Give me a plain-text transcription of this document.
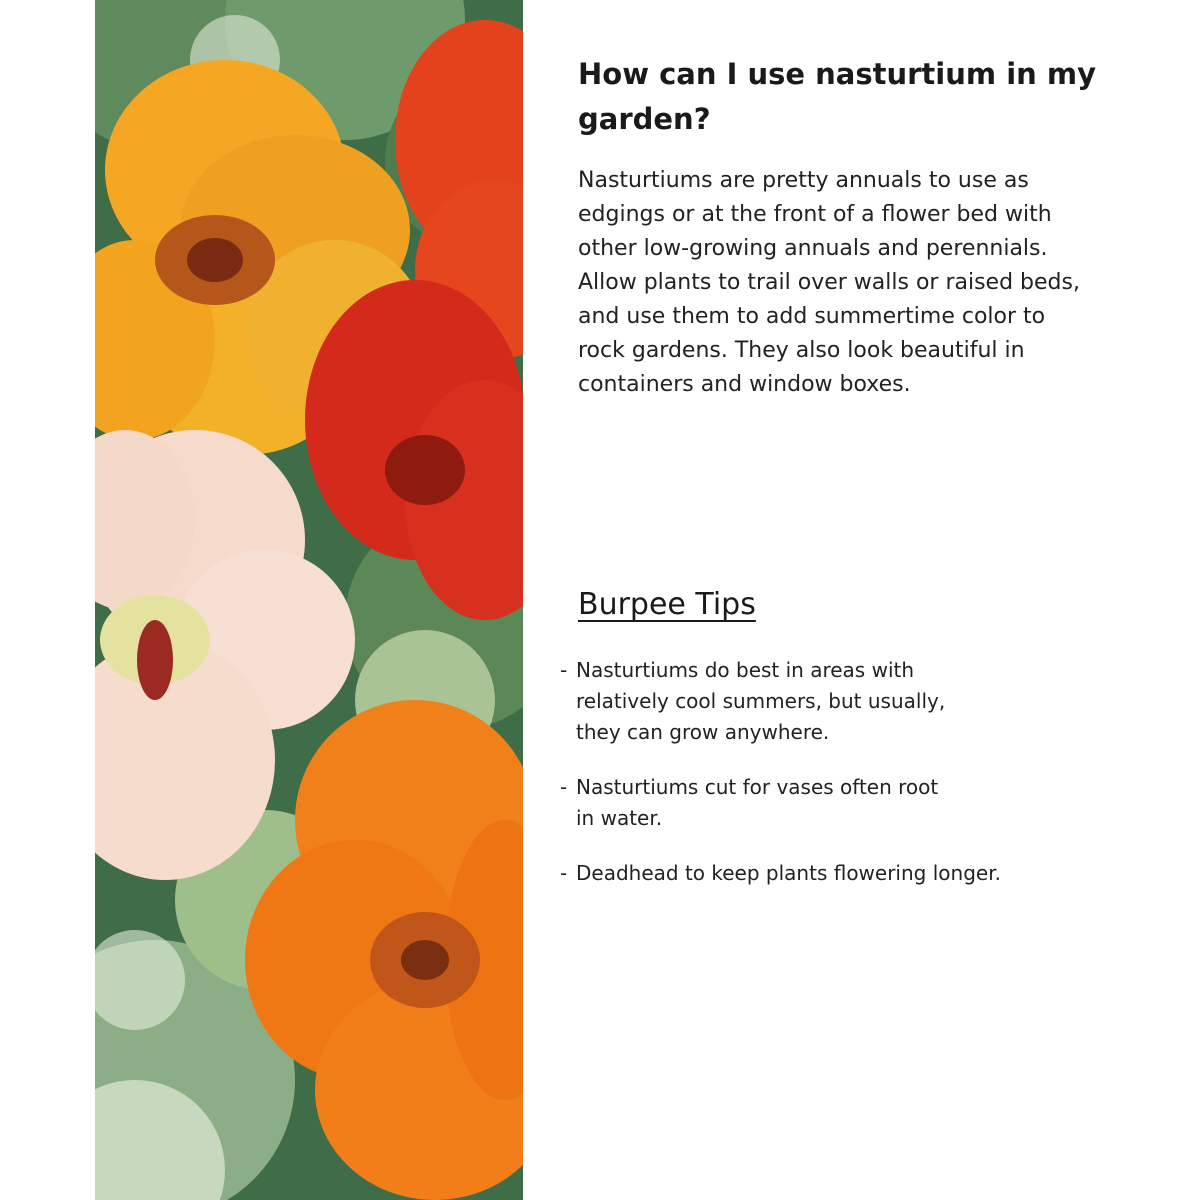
How can I use nasturtium in my garden?

Nasturtiums are pretty annuals to use as edgings or at the front of a flower bed with other low-growing annuals and perennials. Allow plants to trail over walls or raised beds, and use them to add summertime color to rock gardens. They also look beautiful in containers and window boxes.

Burpee Tips
- Nasturtiums do best in areas with relatively cool summers, but usually, they can grow anywhere.
- Nasturtiums cut for vases often root in water.
- Deadhead to keep plants flowering longer.
